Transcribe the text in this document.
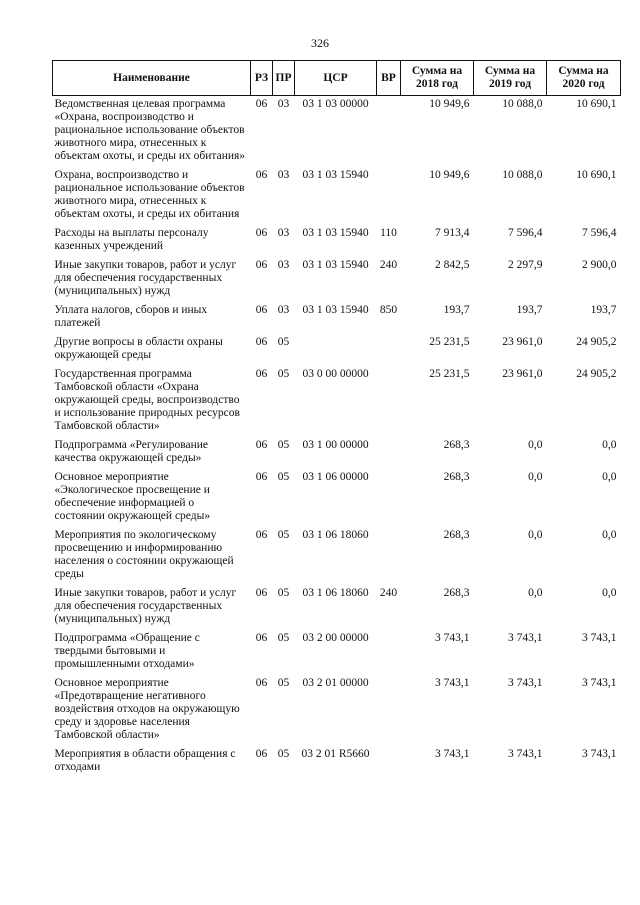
326
Наименование	РЗ	ПР	ЦСР	ВР	Сумма на 2018 год	Сумма на 2019 год	Сумма на 2020 год
Ведомственная целевая программа «Охрана, воспроизводство и рациональное использование объектов животного мира, отнесенных к объектам охоты, и среды их обитания»	06	03	03 1 03 00000		10 949,6	10 088,0	10 690,1
Охрана, воспроизводство и рациональное использование объектов животного мира, отнесенных к объектам охоты, и среды их обитания	06	03	03 1 03 15940		10 949,6	10 088,0	10 690,1
Расходы на выплаты персоналу казенных учреждений	06	03	03 1 03 15940	110	7 913,4	7 596,4	7 596,4
Иные закупки товаров, работ и услуг для обеспечения государственных (муниципальных) нужд	06	03	03 1 03 15940	240	2 842,5	2 297,9	2 900,0
Уплата налогов, сборов и иных платежей	06	03	03 1 03 15940	850	193,7	193,7	193,7
Другие вопросы в области охраны окружающей среды	06	05			25 231,5	23 961,0	24 905,2
Государственная программа Тамбовской области «Охрана окружающей среды, воспроизводство и использование природных ресурсов Тамбовской области»	06	05	03 0 00 00000		25 231,5	23 961,0	24 905,2
Подпрограмма «Регулирование качества окружающей среды»	06	05	03 1 00 00000		268,3	0,0	0,0
Основное мероприятие «Экологическое просвещение и обеспечение информацией о состоянии окружающей среды»	06	05	03 1 06 00000		268,3	0,0	0,0
Мероприятия по экологическому просвещению и информированию населения о состоянии окружающей среды	06	05	03 1 06 18060		268,3	0,0	0,0
Иные закупки товаров, работ и услуг для обеспечения государственных (муниципальных) нужд	06	05	03 1 06 18060	240	268,3	0,0	0,0
Подпрограмма «Обращение с твердыми бытовыми и промышленными отходами»	06	05	03 2 00 00000		3 743,1	3 743,1	3 743,1
Основное мероприятие «Предотвращение негативного воздействия отходов на окружающую среду и здоровье населения Тамбовской области»	06	05	03 2 01 00000		3 743,1	3 743,1	3 743,1
Мероприятия в области обращения с отходами	06	05	03 2 01 R5660		3 743,1	3 743,1	3 743,1
